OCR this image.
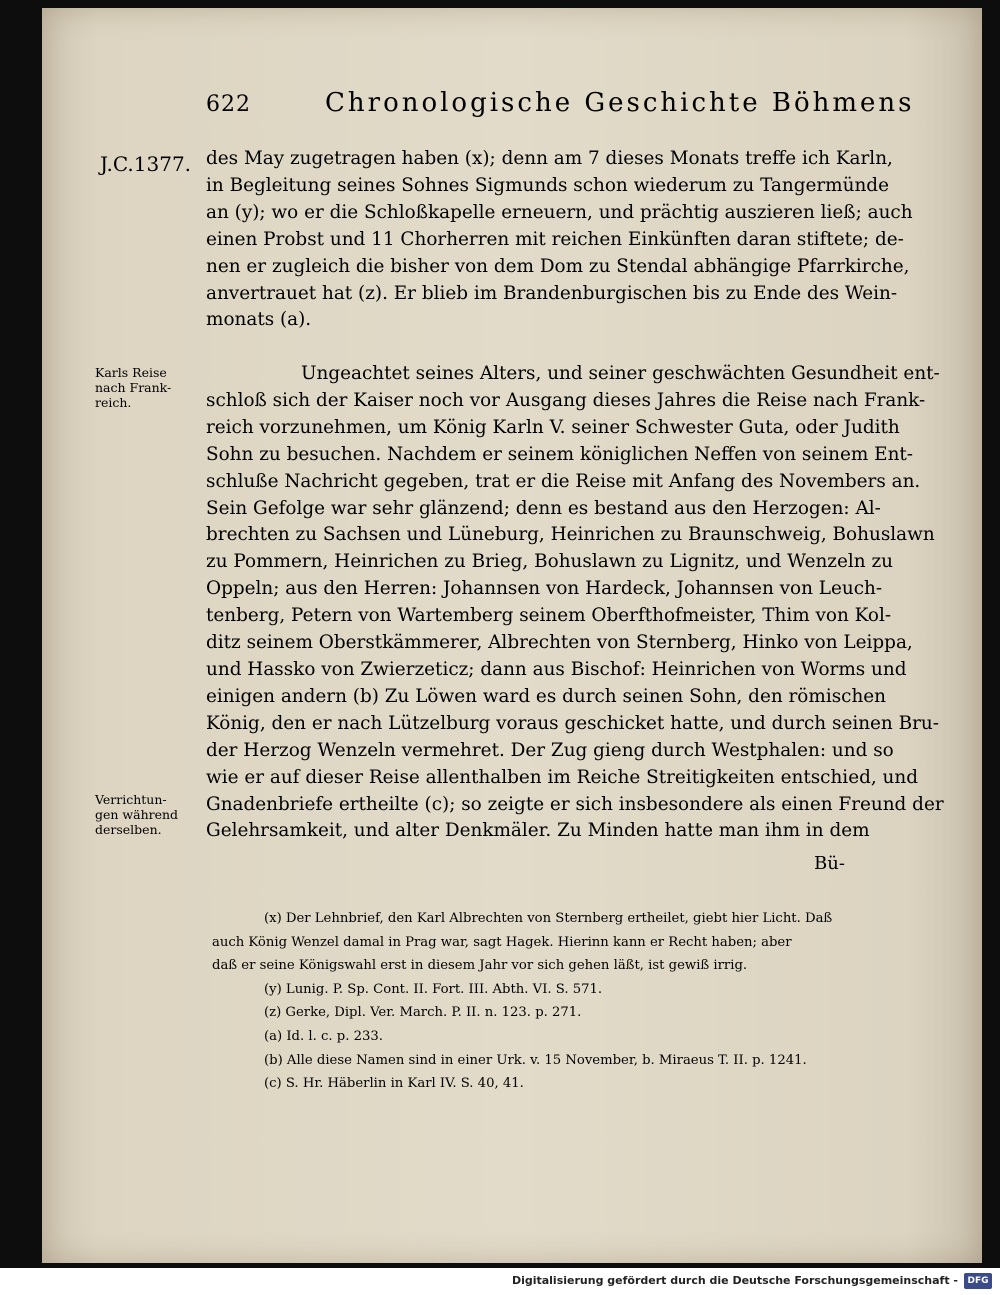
622	Chronologische Geschichte Böhmens
J.C.1377. des May zugetragen haben (x); denn am 7 dieses Monats treffe ich Karln,
in Begleitung seines Sohnes Sigmunds schon wiederum zu Tangermünde
an (y); wo er die Schloßkapelle erneuern, und prächtig auszieren ließ; auch
einen Probst und 11 Chorherren mit reichen Einkünften daran stiftete; de-
nen er zugleich die bisher von dem Dom zu Stendal abhängige Pfarrkirche,
anvertrauet hat (z). Er blieb im Brandenburgischen bis zu Ende des Wein-
monats (a).

Karls Reise
nach Frank-
reich.

Ungeachtet seines Alters, und seiner geschwächten Gesundheit ent-
schloß sich der Kaiser noch vor Ausgang dieses Jahres die Reise nach Frank-
reich vorzunehmen, um König Karln V. seiner Schwester Guta, oder Judith
Sohn zu besuchen. Nachdem er seinem königlichen Neffen von seinem Ent-
schluße Nachricht gegeben, trat er die Reise mit Anfang des Novembers an.
Sein Gefolge war sehr glänzend; denn es bestand aus den Herzogen: Al-
brechten zu Sachsen und Lüneburg, Heinrichen zu Braunschweig, Bohuslawn
zu Pommern, Heinrichen zu Brieg, Bohuslawn zu Lignitz, und Wenzeln zu
Oppeln; aus den Herren: Johannsen von Hardeck, Johannsen von Leuch-
tenberg, Petern von Wartemberg seinem Oberfthofmeister, Thim von Kol-
ditz seinem Oberstkämmerer, Albrechten von Sternberg, Hinko von Leippa,
und Hassko von Zwierzeticz; dann aus Bischof: Heinrichen von Worms und
einigen andern (b) Zu Löwen ward es durch seinen Sohn, den römischen
König, den er nach Lützelburg voraus geschicket hatte, und durch seinen Bru-
der Herzog Wenzeln vermehret. Der Zug gieng durch Westphalen: und so
wie er auf dieser Reise allenthalben im Reiche Streitigkeiten entschied, und
Gnadenbriefe ertheilte (c); so zeigte er sich insbesondere als einen Freund der
Gelehrsamkeit, und alter Denkmäler. Zu Minden hatte man ihm in dem

Verrichtun-
gen während
derselben.
Bü-
(x) Der Lehnbrief, den Karl Albrechten von Sternberg ertheilet, giebt hier Licht. Daß
auch König Wenzel damal in Prag war, sagt Hagek. Hierinn kann er Recht haben; aber
daß er seine Königswahl erst in diesem Jahr vor sich gehen läßt, ist gewiß irrig.
(y) Lunig. P. Sp. Cont. II. Fort. III. Abth. VI. S. 571.
(z) Gerke, Dipl. Ver. March. P. II. n. 123. p. 271.
(a) Id. l. c. p. 233.
(b) Alle diese Namen sind in einer Urk. v. 15 November, b. Miraeus T. II. p. 1241.
(c) S. Hr. Häberlin in Karl IV. S. 40, 41.
Digitalisierung gefördert durch die Deutsche Forschungsgemeinschaft -	DFG
